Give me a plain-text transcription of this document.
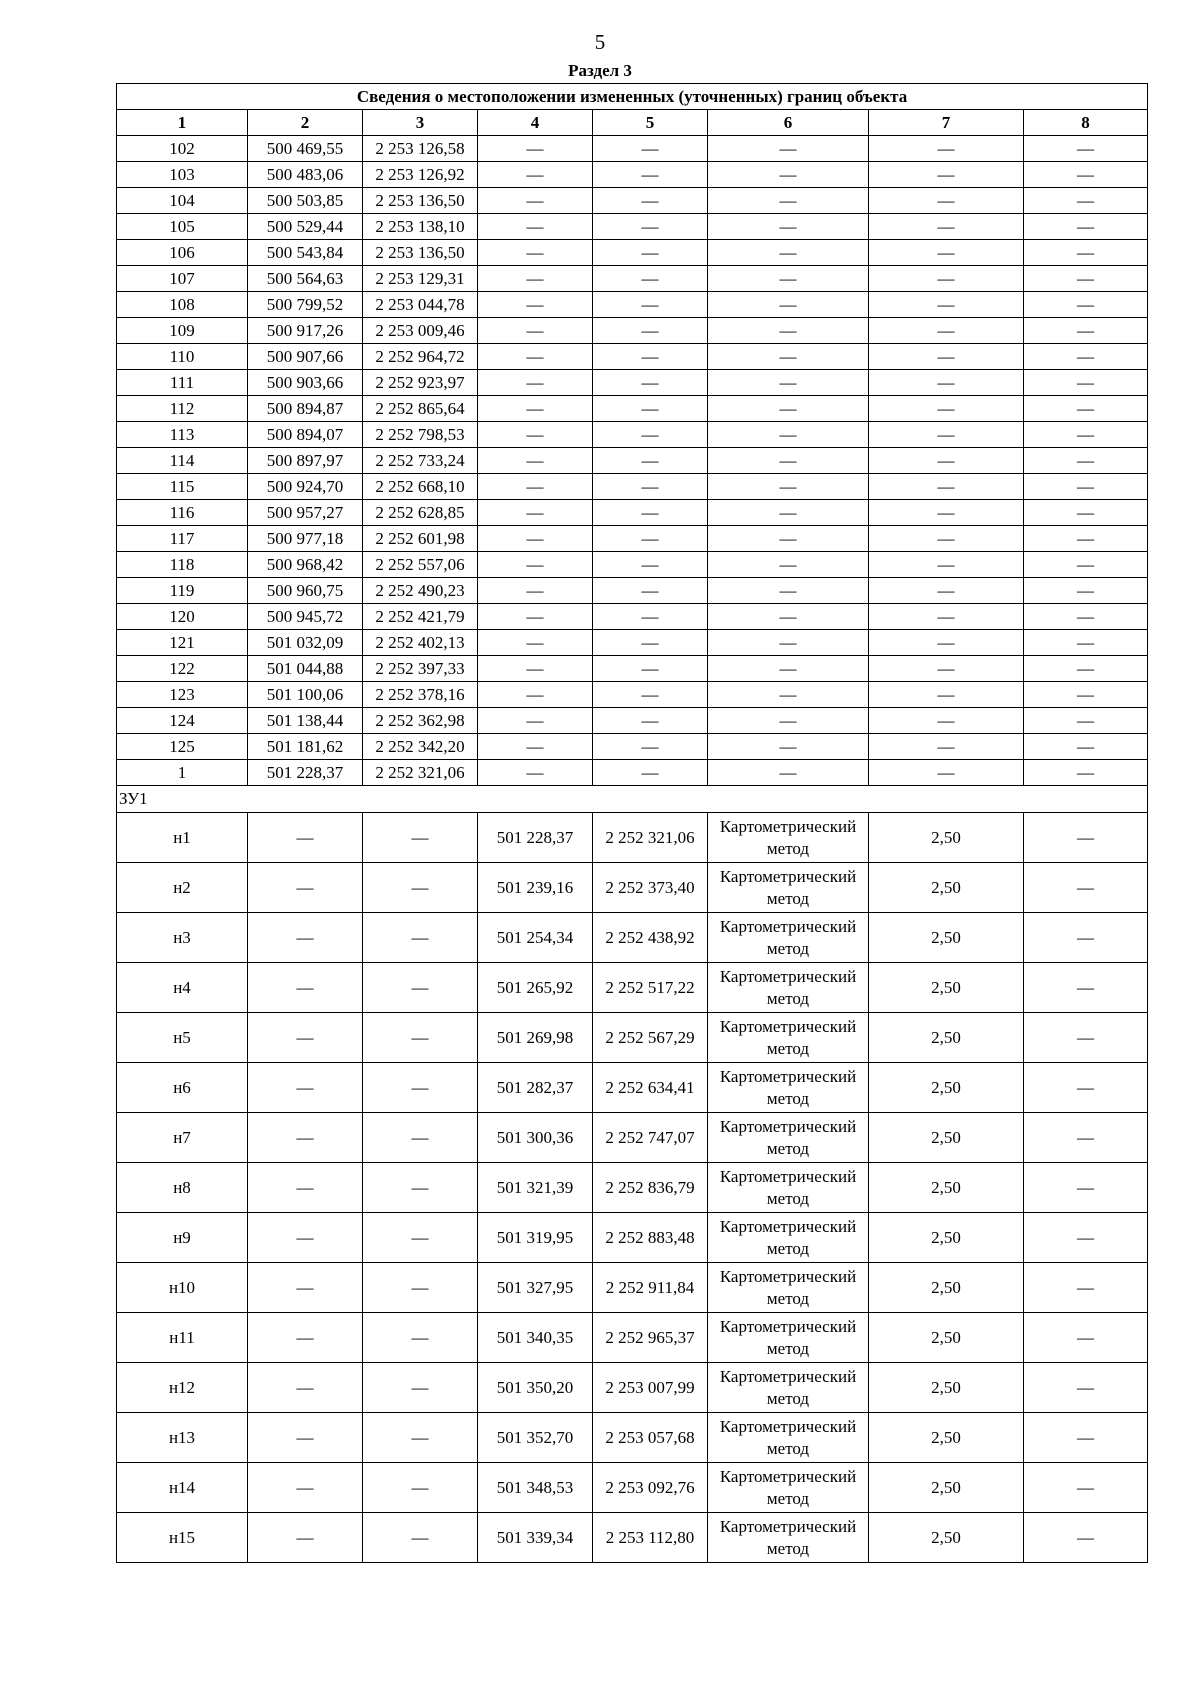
5
Раздел 3
Сведения о местоположении измененных (уточненных) границ объекта							
1	2	3	4	5	6	7	8
102	500 469,55	2 253 126,58	—	—	—	—	—
103	500 483,06	2 253 126,92	—	—	—	—	—
104	500 503,85	2 253 136,50	—	—	—	—	—
105	500 529,44	2 253 138,10	—	—	—	—	—
106	500 543,84	2 253 136,50	—	—	—	—	—
107	500 564,63	2 253 129,31	—	—	—	—	—
108	500 799,52	2 253 044,78	—	—	—	—	—
109	500 917,26	2 253 009,46	—	—	—	—	—
110	500 907,66	2 252 964,72	—	—	—	—	—
111	500 903,66	2 252 923,97	—	—	—	—	—
112	500 894,87	2 252 865,64	—	—	—	—	—
113	500 894,07	2 252 798,53	—	—	—	—	—
114	500 897,97	2 252 733,24	—	—	—	—	—
115	500 924,70	2 252 668,10	—	—	—	—	—
116	500 957,27	2 252 628,85	—	—	—	—	—
117	500 977,18	2 252 601,98	—	—	—	—	—
118	500 968,42	2 252 557,06	—	—	—	—	—
119	500 960,75	2 252 490,23	—	—	—	—	—
120	500 945,72	2 252 421,79	—	—	—	—	—
121	501 032,09	2 252 402,13	—	—	—	—	—
122	501 044,88	2 252 397,33	—	—	—	—	—
123	501 100,06	2 252 378,16	—	—	—	—	—
124	501 138,44	2 252 362,98	—	—	—	—	—
125	501 181,62	2 252 342,20	—	—	—	—	—
1	501 228,37	2 252 321,06	—	—	—	—	—
ЗУ1							
н1	—	—	501 228,37	2 252 321,06	Картометрический метод	2,50	—
н2	—	—	501 239,16	2 252 373,40	Картометрический метод	2,50	—
н3	—	—	501 254,34	2 252 438,92	Картометрический метод	2,50	—
н4	—	—	501 265,92	2 252 517,22	Картометрический метод	2,50	—
н5	—	—	501 269,98	2 252 567,29	Картометрический метод	2,50	—
н6	—	—	501 282,37	2 252 634,41	Картометрический метод	2,50	—
н7	—	—	501 300,36	2 252 747,07	Картометрический метод	2,50	—
н8	—	—	501 321,39	2 252 836,79	Картометрический метод	2,50	—
н9	—	—	501 319,95	2 252 883,48	Картометрический метод	2,50	—
н10	—	—	501 327,95	2 252 911,84	Картометрический метод	2,50	—
н11	—	—	501 340,35	2 252 965,37	Картометрический метод	2,50	—
н12	—	—	501 350,20	2 253 007,99	Картометрический метод	2,50	—
н13	—	—	501 352,70	2 253 057,68	Картометрический метод	2,50	—
н14	—	—	501 348,53	2 253 092,76	Картометрический метод	2,50	—
н15	—	—	501 339,34	2 253 112,80	Картометрический метод	2,50	—
